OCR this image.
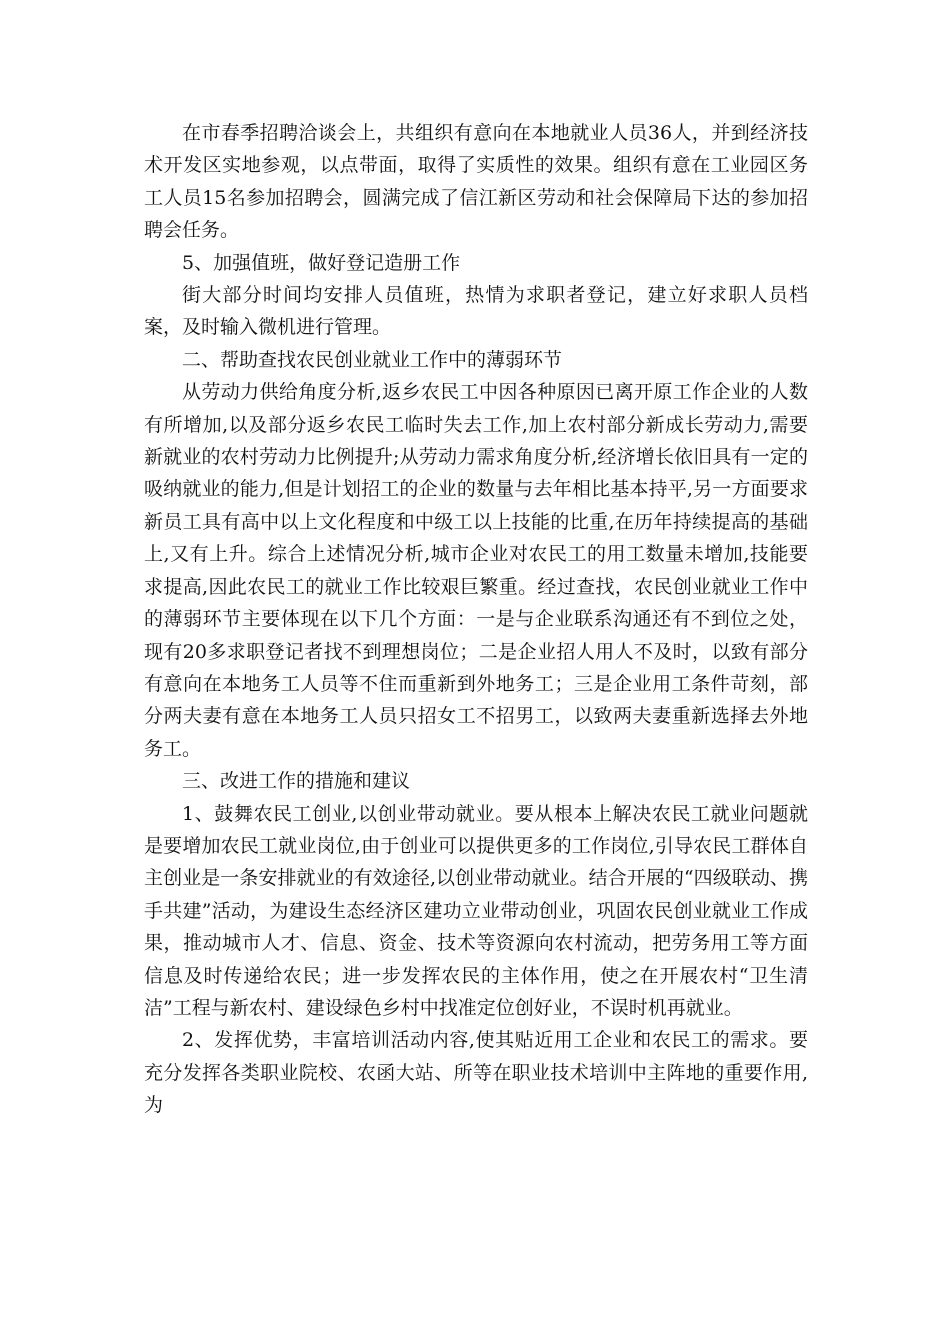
在市春季招聘洽谈会上，共组织有意向在本地就业人员36人，并到经济技术开发区实地参观，以点带面，取得了实质性的效果。组织有意在工业园区务工人员15名参加招聘会，圆满完成了信江新区劳动和社会保障局下达的参加招聘会任务。

5、加强值班，做好登记造册工作

街大部分时间均安排人员值班，热情为求职者登记，建立好求职人员档案，及时输入微机进行管理。

二、帮助查找农民创业就业工作中的薄弱环节

从劳动力供给角度分析,返乡农民工中因各种原因已离开原工作企业的人数有所增加,以及部分返乡农民工临时失去工作,加上农村部分新成长劳动力,需要新就业的农村劳动力比例提升;从劳动力需求角度分析,经济增长依旧具有一定的吸纳就业的能力,但是计划招工的企业的数量与去年相比基本持平,另一方面要求新员工具有高中以上文化程度和中级工以上技能的比重,在历年持续提高的基础上,又有上升。综合上述情况分析,城市企业对农民工的用工数量未增加,技能要求提高,因此农民工的就业工作比较艰巨繁重。经过查找，农民创业就业工作中的薄弱环节主要体现在以下几个方面：一是与企业联系沟通还有不到位之处，现有20多求职登记者找不到理想岗位；二是企业招人用人不及时，以致有部分有意向在本地务工人员等不住而重新到外地务工；三是企业用工条件苛刻，部分两夫妻有意在本地务工人员只招女工不招男工，以致两夫妻重新选择去外地务工。

三、改进工作的措施和建议

1、鼓舞农民工创业,以创业带动就业。要从根本上解决农民工就业问题就是要增加农民工就业岗位,由于创业可以提供更多的工作岗位,引导农民工群体自主创业是一条安排就业的有效途径,以创业带动就业。结合开展的“四级联动、携手共建”活动，为建设生态经济区建功立业带动创业，巩固农民创业就业工作成果，推动城市人才、信息、资金、技术等资源向农村流动，把劳务用工等方面信息及时传递给农民；进一步发挥农民的主体作用，使之在开展农村“卫生清洁”工程与新农村、建设绿色乡村中找准定位创好业，不误时机再就业。

2、发挥优势，丰富培训活动内容,使其贴近用工企业和农民工的需求。要充分发挥各类职业院校、农函大站、所等在职业技术培训中主阵地的重要作用,为
